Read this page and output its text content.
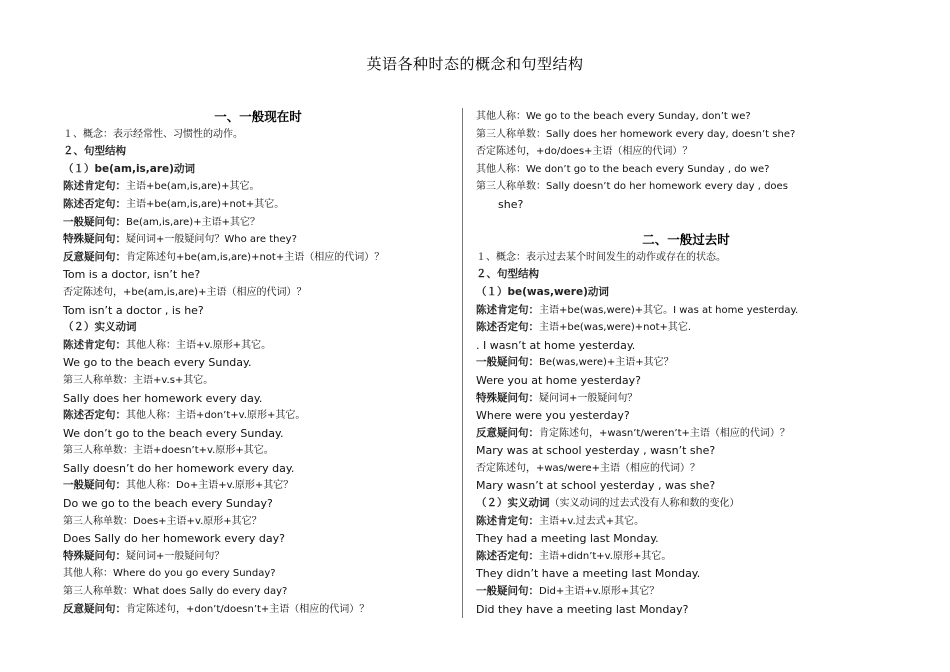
英语各种时态的概念和句型结构
一、一般现在时
１、概念：表示经常性、习惯性的动作。
２、句型结构
（１）be(am,is,are)动词
陈述肯定句：主语+be(am,is,are)+其它。
陈述否定句：主语+be(am,is,are)+not+其它。
一般疑问句：Be(am,is,are)+主语+其它？
特殊疑问句：疑问词+一般疑问句？Who are they?
反意疑问句：肯定陈述句+be(am,is,are)+not+主语（相应的代词）？
Tom is a doctor, isn’t he?
否定陈述句，+be(am,is,are)+主语（相应的代词）？
Tom isn’t a doctor , is he?
（２）实义动词
陈述肯定句：其他人称：主语+v.原形+其它。
We go to the beach every Sunday.
第三人称单数：主语+v.s+其它。
Sally does her homework every day.
陈述否定句：其他人称：主语+don’t+v.原形+其它。
We don’t go to the beach every Sunday.
第三人称单数：主语+doesn’t+v.原形+其它。
Sally doesn’t do her homework every day.
一般疑问句：其他人称：Do+主语+v.原形+其它？
Do we go to the beach every Sunday?
第三人称单数：Does+主语+v.原形+其它？
Does Sally do her homework every day?
特殊疑问句：疑问词+一般疑问句？
其他人称：Where do you go every Sunday?
第三人称单数：What does Sally do every day?
反意疑问句：肯定陈述句，+don’t/doesn’t+主语（相应的代词）？
其他人称：We go to the beach every Sunday, don’t we?
第三人称单数：Sally does her homework every day, doesn’t she?
否定陈述句，+do/does+主语（相应的代词）？
其他人称：We don’t go to the beach every Sunday , do we?
第三人称单数：Sally doesn’t do her homework every day , does
she?
二、一般过去时
１、概念：表示过去某个时间发生的动作或存在的状态。
２、句型结构
（１）be(was,were)动词
陈述肯定句：主语+be(was,were)+其它。I was at home yesterday.
陈述否定句：主语+be(was,were)+not+其它.
. I wasn’t at home yesterday.
一般疑问句：Be(was,were)+主语+其它？
Were you at home yesterday?
特殊疑问句：疑问词+一般疑问句？
Where were you yesterday?
反意疑问句：肯定陈述句，+wasn’t/weren’t+主语（相应的代词）？
Mary was at school yesterday , wasn’t she?
否定陈述句，+was/were+主语（相应的代词）？
Mary wasn’t at school yesterday , was she?
（２）实义动词（实义动词的过去式没有人称和数的变化）
陈述肯定句：主语+v.过去式+其它。
They had a meeting last Monday.
陈述否定句：主语+didn’t+v.原形+其它。
They didn’t have a meeting last Monday.
一般疑问句：Did+主语+v.原形+其它？
Did they have a meeting last Monday?
